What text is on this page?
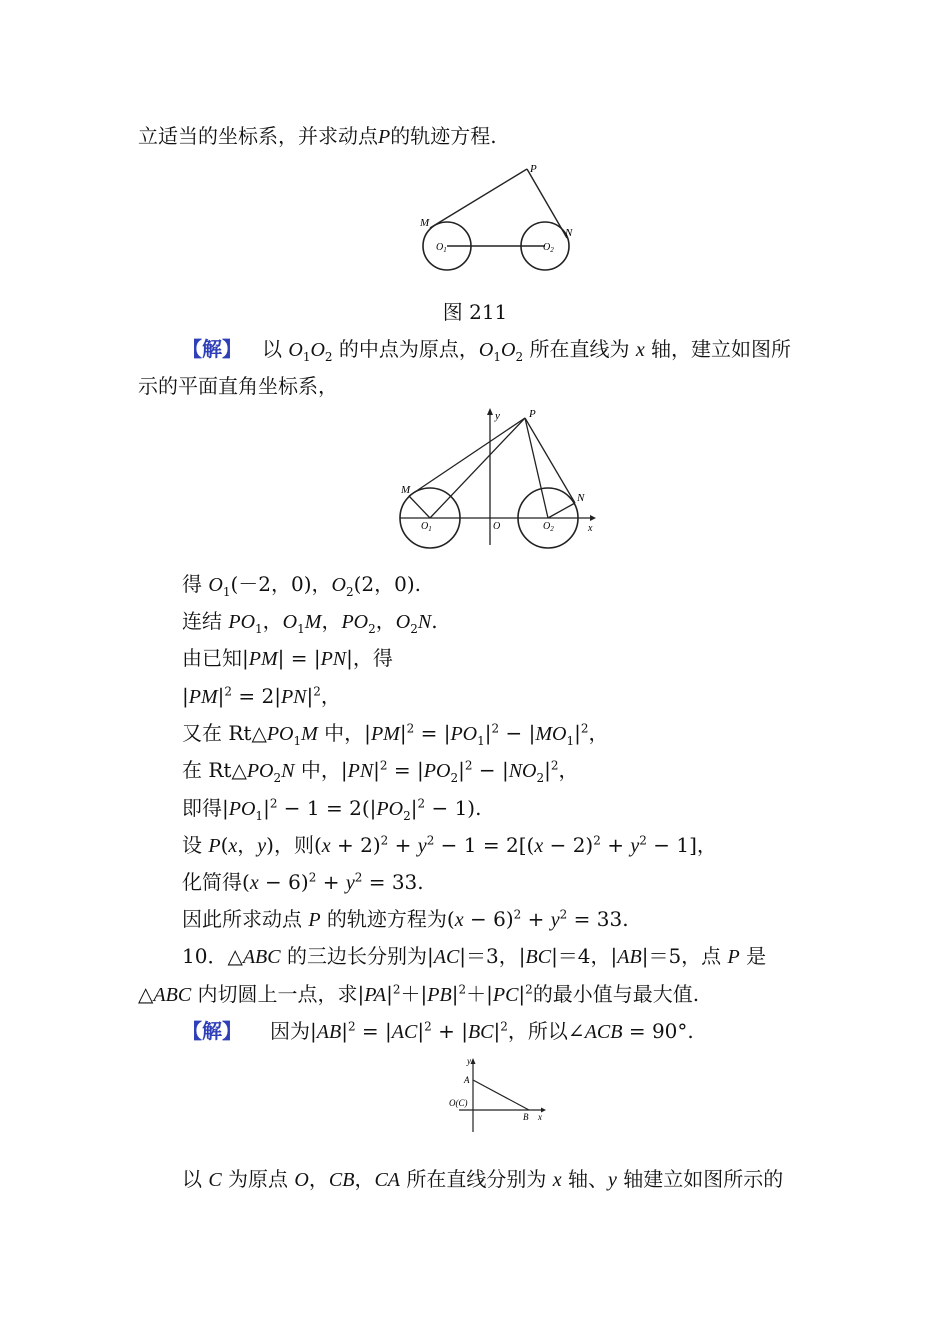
立适当的坐标系，并求动点P的轨迹方程.
P
M
N
$O_1$	$O_2$
图 211
【解】 以 $O_1O_2$ 的中点为原点，$O_1O_2$ 所在直线为 x 轴，建立如图所
示的平面直角坐标系，
y	P
M
N
O	x
$O_1$	$O_2$
得 $O_1(-2$，0)，$O_2(2$，0).
连结 $PO_1$，$O_1M$，$PO_2$，$O_2N$.
由已知|PM| = |PN|，得
$|PM|^2 = 2|PN|^2$，
又在 $Rt\triangle PO_1M$ 中，$|PM|^2 = |PO_1|^2 - |MO_1|^2$，
在 $Rt\triangle PO_2N$ 中，$|PN|^2 = |PO_2|^2 - |NO_2|^2$，
即得$|PO_1|^2 - 1 = 2(|PO_2|^2 - 1)$.
设 P(x，y)，则$(x + 2)^2 + y^2 - 1 = 2[(x - 2)^2 + y^2 - 1]$，
化简得$(x - 6)^2 + y^2 = 33$.
因此所求动点 P 的轨迹方程为$(x - 6)^2 + y^2 = 33$.
10．△ABC 的三边长分别为|AC|＝3，|BC|＝4，|AB|＝5，点 P 是
△ABC 内切圆上一点，求$|PA|^2+|PB|^2+|PC|^2$的最小值与最大值.
【解】 因为$|AB|^2 = |AC|^2 + |BC|^2$，所以∠ACB = 90°.
y
A
O(C)
B x
以 C 为原点 O，CB，CA 所在直线分别为 x 轴、y 轴建立如图所示的
